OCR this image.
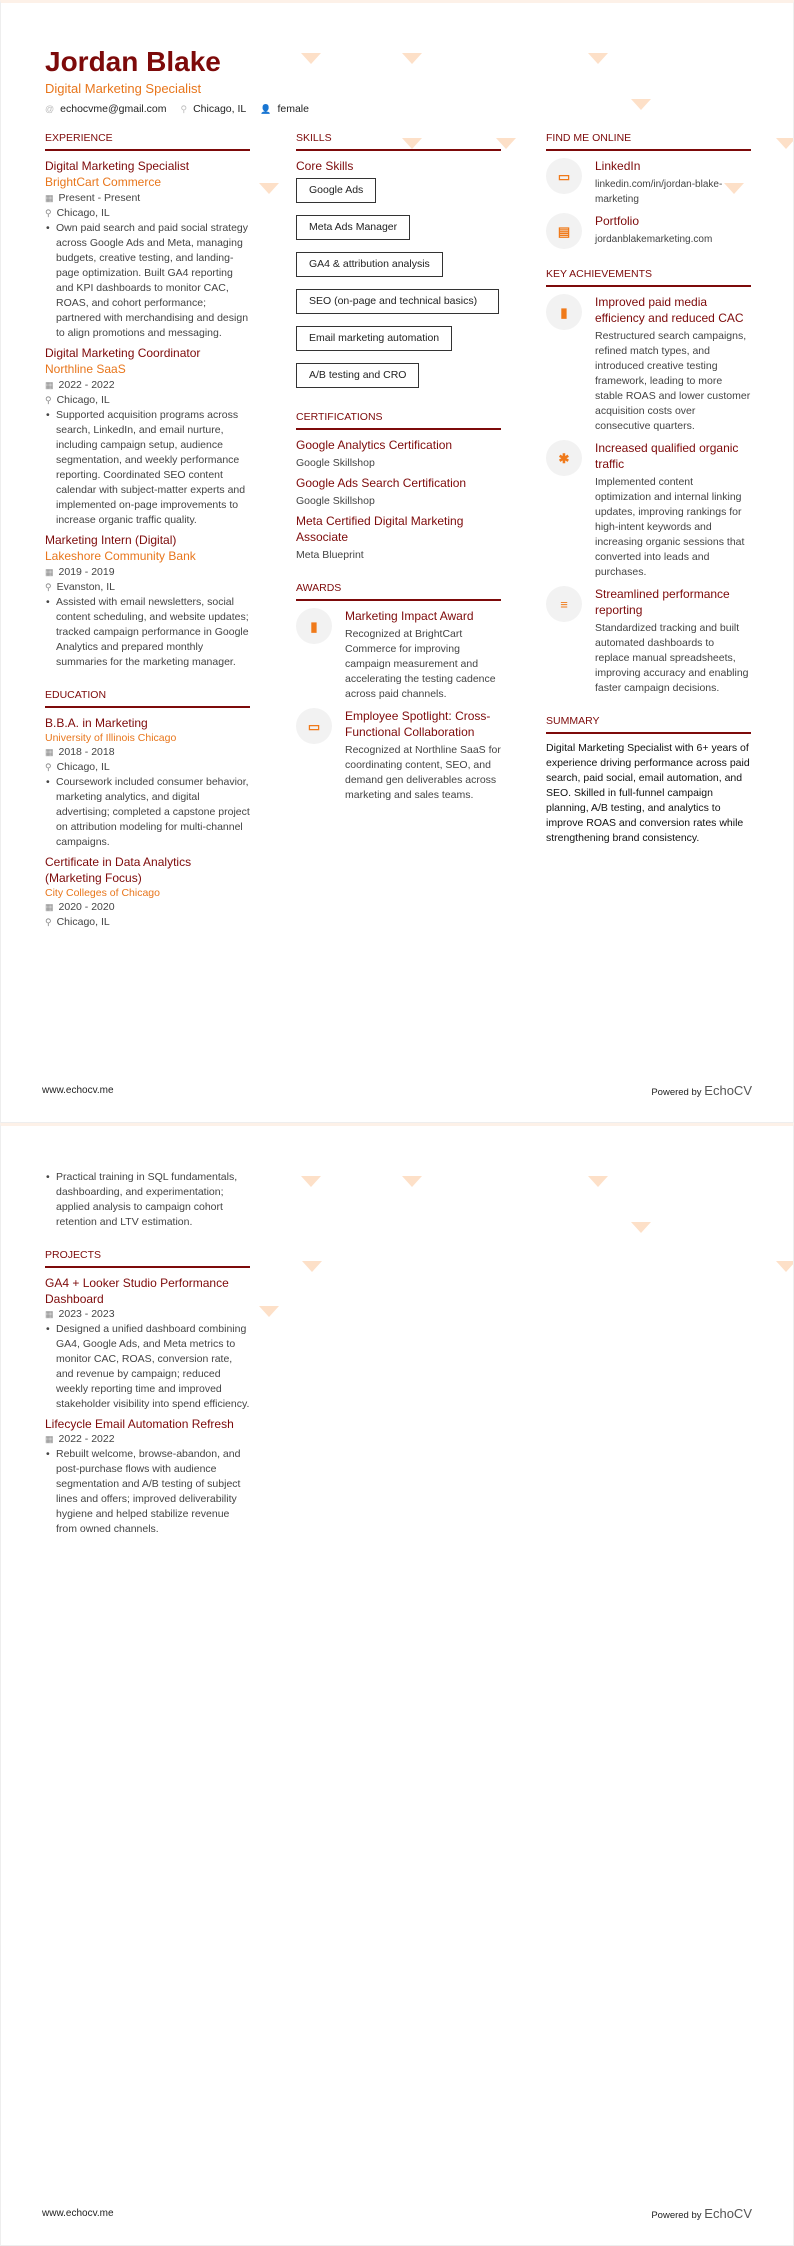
Jordan Blake
Digital Marketing Specialist
@ echocvme@gmail.com ⚲ Chicago, IL 👤 female
EXPERIENCE
Digital Marketing Specialist
BrightCart Commerce
▦ Present - Present
⚲ Chicago, IL
• Own paid search and paid social strategy across Google Ads and Meta, managing budgets, creative testing, and landing-page optimization. Built GA4 reporting and KPI dashboards to monitor CAC, ROAS, and cohort performance; partnered with merchandising and design to align promotions and messaging.
Digital Marketing Coordinator
Northline SaaS
▦ 2022 - 2022
⚲ Chicago, IL
• Supported acquisition programs across search, LinkedIn, and email nurture, including campaign setup, audience segmentation, and weekly performance reporting. Coordinated SEO content calendar with subject-matter experts and implemented on-page improvements to increase organic traffic quality.
Marketing Intern (Digital)
Lakeshore Community Bank
▦ 2019 - 2019
⚲ Evanston, IL
• Assisted with email newsletters, social content scheduling, and website updates; tracked campaign performance in Google Analytics and prepared monthly summaries for the marketing manager.
EDUCATION
B.B.A. in Marketing
University of Illinois Chicago
▦ 2018 - 2018
⚲ Chicago, IL
• Coursework included consumer behavior, marketing analytics, and digital advertising; completed a capstone project on attribution modeling for multi-channel campaigns.
Certificate in Data Analytics (Marketing Focus)
City Colleges of Chicago
▦ 2020 - 2020
⚲ Chicago, IL
SKILLS
Core Skills
Google Ads
Meta Ads Manager
GA4 & attribution analysis
SEO (on-page and technical basics)
Email marketing automation
A/B testing and CRO
CERTIFICATIONS
Google Analytics Certification
Google Skillshop
Google Ads Search Certification
Google Skillshop
Meta Certified Digital Marketing Associate
Meta Blueprint
AWARDS
▮
Marketing Impact Award
Recognized at BrightCart Commerce for improving campaign measurement and accelerating the testing cadence across paid channels.
▭
Employee Spotlight: Cross-Functional Collaboration
Recognized at Northline SaaS for coordinating content, SEO, and demand gen deliverables across marketing and sales teams.
FIND ME ONLINE
▭
LinkedIn
linkedin.com/in/jordan-blake-marketing
▤
Portfolio
jordanblakemarketing.com
KEY ACHIEVEMENTS
▮
Improved paid media efficiency and reduced CAC
Restructured search campaigns, refined match types, and introduced creative testing framework, leading to more stable ROAS and lower customer acquisition costs over consecutive quarters.
✱
Increased qualified organic traffic
Implemented content optimization and internal linking updates, improving rankings for high-intent keywords and increasing organic sessions that converted into leads and purchases.
≡
Streamlined performance reporting
Standardized tracking and built automated dashboards to replace manual spreadsheets, improving accuracy and enabling faster campaign decisions.
SUMMARY
Digital Marketing Specialist with 6+ years of experience driving performance across paid search, paid social, email automation, and SEO. Skilled in full-funnel campaign planning, A/B testing, and analytics to improve ROAS and conversion rates while strengthening brand consistency.
www.echocv.me	Powered by EchoCV
• Practical training in SQL fundamentals, dashboarding, and experimentation; applied analysis to campaign cohort retention and LTV estimation.
PROJECTS
GA4 + Looker Studio Performance Dashboard
▦ 2023 - 2023
• Designed a unified dashboard combining GA4, Google Ads, and Meta metrics to monitor CAC, ROAS, conversion rate, and revenue by campaign; reduced weekly reporting time and improved stakeholder visibility into spend efficiency.
Lifecycle Email Automation Refresh
▦ 2022 - 2022
• Rebuilt welcome, browse-abandon, and post-purchase flows with audience segmentation and A/B testing of subject lines and offers; improved deliverability hygiene and helped stabilize revenue from owned channels.
www.echocv.me	Powered by EchoCV
